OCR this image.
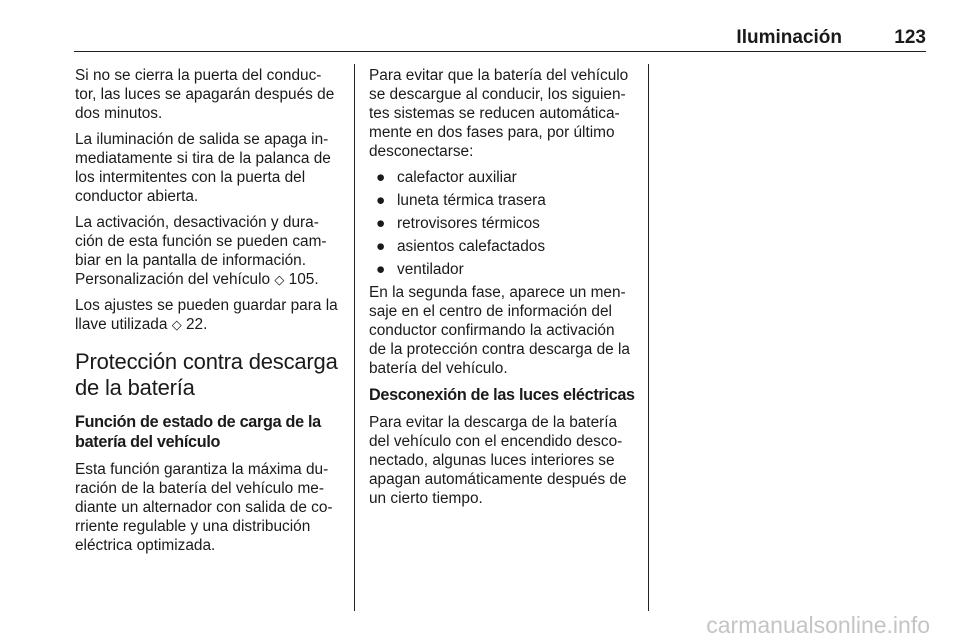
Iluminación	123

Si no se cierra la puerta del conduc-tor, las luces se apagarán después de dos minutos.

La iluminación de salida se apaga in-mediatamente si tira de la palanca de los intermitentes con la puerta del conductor abierta.

La activación, desactivación y dura-ción de esta función se pueden cam-biar en la pantalla de información. Personalización del vehículo ◇ 105.

Los ajustes se pueden guardar para la llave utilizada ◇ 22.

Protección contra descarga de la batería
Función de estado de carga de la batería del vehículo

Esta función garantiza la máxima du-ración de la batería del vehículo me-diante un alternador con salida de co-rriente regulable y una distribución eléctrica optimizada.

Para evitar que la batería del vehículo se descargue al conducir, los siguien-tes sistemas se reducen automática-mente en dos fases para, por último desconectarse:

● calefactor auxiliar
● luneta térmica trasera
● retrovisores térmicos
● asientos calefactados
● ventilador

En la segunda fase, aparece un men-saje en el centro de información del conductor confirmando la activación de la protección contra descarga de la batería del vehículo.

Desconexión de las luces eléctricas

Para evitar la descarga de la batería del vehículo con el encendido desco-nectado, algunas luces interiores se apagan automáticamente después de un cierto tiempo.

carmanualsonline.info
